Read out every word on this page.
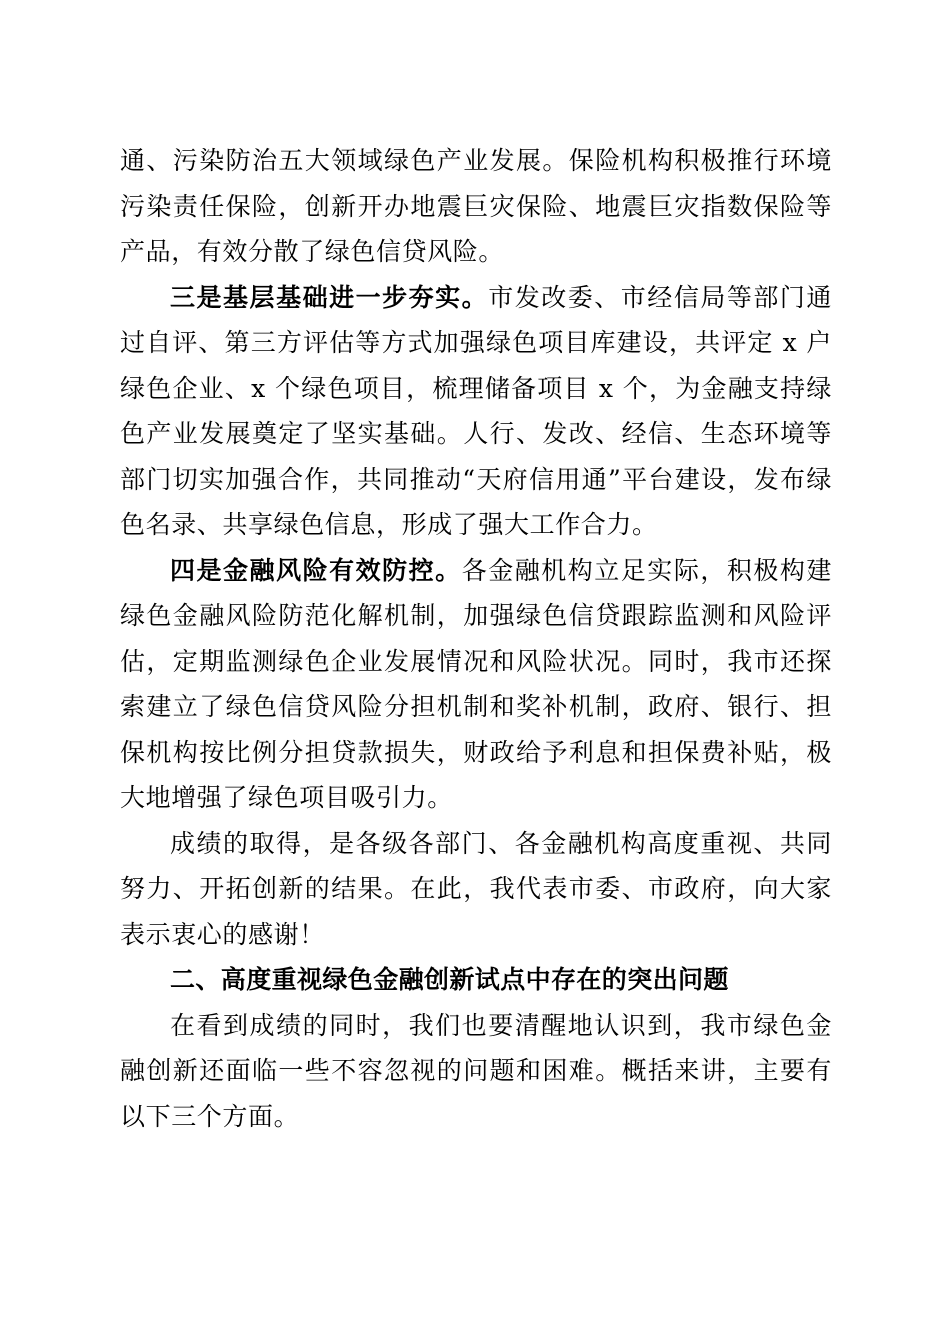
通、污染防治五大领域绿色产业发展。保险机构积极推行环境污染责任保险，创新开办地震巨灾保险、地震巨灾指数保险等产品，有效分散了绿色信贷风险。

三是基层基础进一步夯实。市发改委、市经信局等部门通过自评、第三方评估等方式加强绿色项目库建设，共评定 x 户绿色企业、x 个绿色项目，梳理储备项目 x 个，为金融支持绿色产业发展奠定了坚实基础。人行、发改、经信、生态环境等部门切实加强合作，共同推动“天府信用通”平台建设，发布绿色名录、共享绿色信息，形成了强大工作合力。

四是金融风险有效防控。各金融机构立足实际，积极构建绿色金融风险防范化解机制，加强绿色信贷跟踪监测和风险评估，定期监测绿色企业发展情况和风险状况。同时，我市还探索建立了绿色信贷风险分担机制和奖补机制，政府、银行、担保机构按比例分担贷款损失，财政给予利息和担保费补贴，极大地增强了绿色项目吸引力。

成绩的取得，是各级各部门、各金融机构高度重视、共同努力、开拓创新的结果。在此，我代表市委、市政府，向大家表示衷心的感谢！

二、高度重视绿色金融创新试点中存在的突出问题

在看到成绩的同时，我们也要清醒地认识到，我市绿色金融创新还面临一些不容忽视的问题和困难。概括来讲，主要有以下三个方面。
